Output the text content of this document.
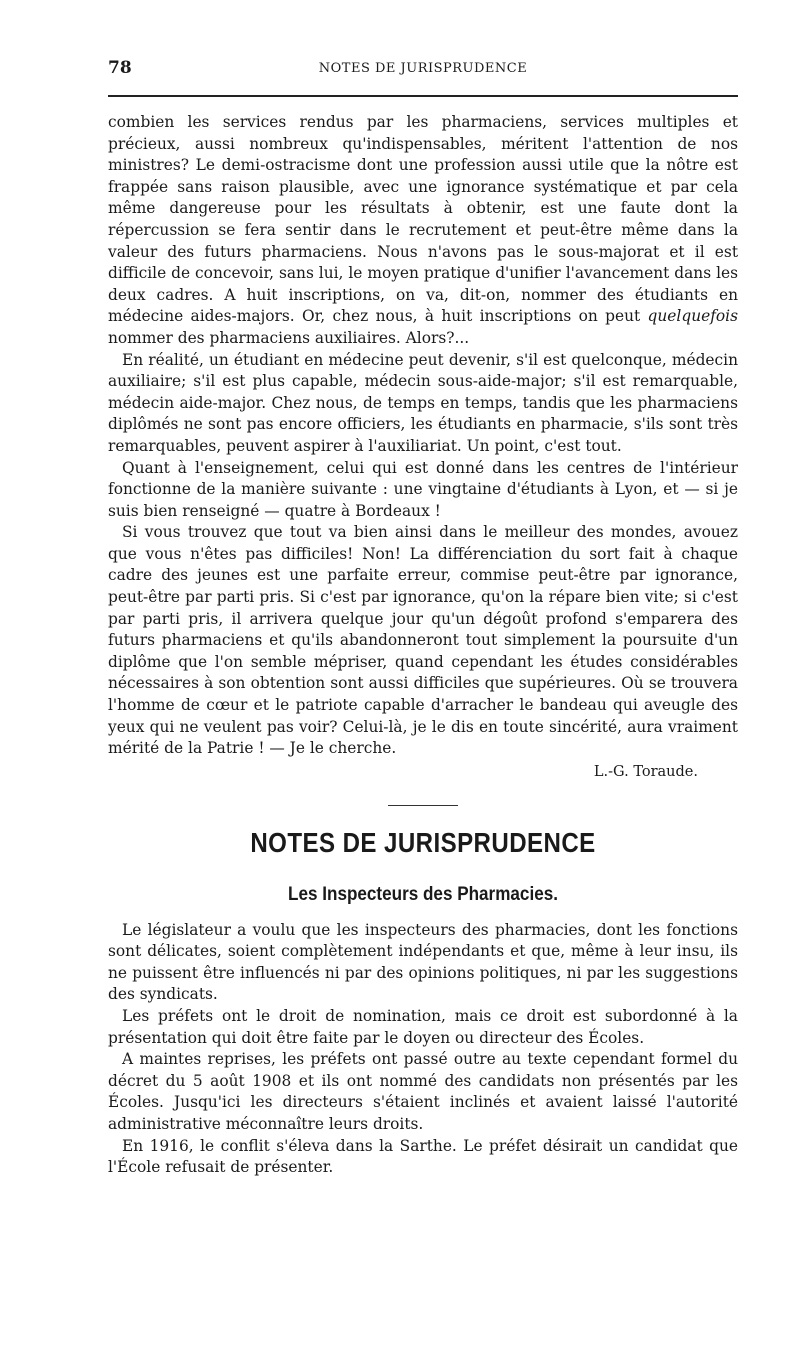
78	NOTES DE JURISPRUDENCE

combien les services rendus par les pharmaciens, services multiples et précieux, aussi nombreux qu'indispensables, méritent l'attention de nos ministres? Le demi-ostracisme dont une profession aussi utile que la nôtre est frappée sans raison plausible, avec une ignorance systématique et par cela même dangereuse pour les résultats à obtenir, est une faute dont la répercussion se fera sentir dans le recrutement et peut-être même dans la valeur des futurs pharmaciens. Nous n'avons pas le sous-majorat et il est difficile de concevoir, sans lui, le moyen pratique d'unifier l'avancement dans les deux cadres. A huit inscriptions, on va, dit-on, nommer des étudiants en médecine aides-majors. Or, chez nous, à huit inscriptions on peut quelquefois nommer des pharmaciens auxiliaires. Alors?...

En réalité, un étudiant en médecine peut devenir, s'il est quelconque, médecin auxiliaire; s'il est plus capable, médecin sous-aide-major; s'il est remarquable, médecin aide-major. Chez nous, de temps en temps, tandis que les pharmaciens diplômés ne sont pas encore officiers, les étudiants en pharmacie, s'ils sont très remarquables, peuvent aspirer à l'auxiliariat. Un point, c'est tout.

Quant à l'enseignement, celui qui est donné dans les centres de l'intérieur fonctionne de la manière suivante : une vingtaine d'étudiants à Lyon, et — si je suis bien renseigné — quatre à Bordeaux !

Si vous trouvez que tout va bien ainsi dans le meilleur des mondes, avouez que vous n'êtes pas difficiles! Non! La différenciation du sort fait à chaque cadre des jeunes est une parfaite erreur, commise peut-être par ignorance, peut-être par parti pris. Si c'est par ignorance, qu'on la répare bien vite; si c'est par parti pris, il arrivera quelque jour qu'un dégoût profond s'emparera des futurs pharmaciens et qu'ils abandonneront tout simplement la poursuite d'un diplôme que l'on semble mépriser, quand cependant les études considérables nécessaires à son obtention sont aussi difficiles que supérieures. Où se trouvera l'homme de cœur et le patriote capable d'arracher le bandeau qui aveugle des yeux qui ne veulent pas voir? Celui-là, je le dis en toute sincérité, aura vraiment mérité de la Patrie ! — Je le cherche.

L.-G. Toraude.
NOTES DE JURISPRUDENCE
Les Inspecteurs des Pharmacies.

Le législateur a voulu que les inspecteurs des pharmacies, dont les fonctions sont délicates, soient complètement indépendants et que, même à leur insu, ils ne puissent être influencés ni par des opinions politiques, ni par les suggestions des syndicats.

Les préfets ont le droit de nomination, mais ce droit est subordonné à la présentation qui doit être faite par le doyen ou directeur des Écoles.

A maintes reprises, les préfets ont passé outre au texte cependant formel du décret du 5 août 1908 et ils ont nommé des candidats non présentés par les Écoles. Jusqu'ici les directeurs s'étaient inclinés et avaient laissé l'autorité administrative méconnaître leurs droits.

En 1916, le conflit s'éleva dans la Sarthe. Le préfet désirait un candidat que l'École refusait de présenter.
